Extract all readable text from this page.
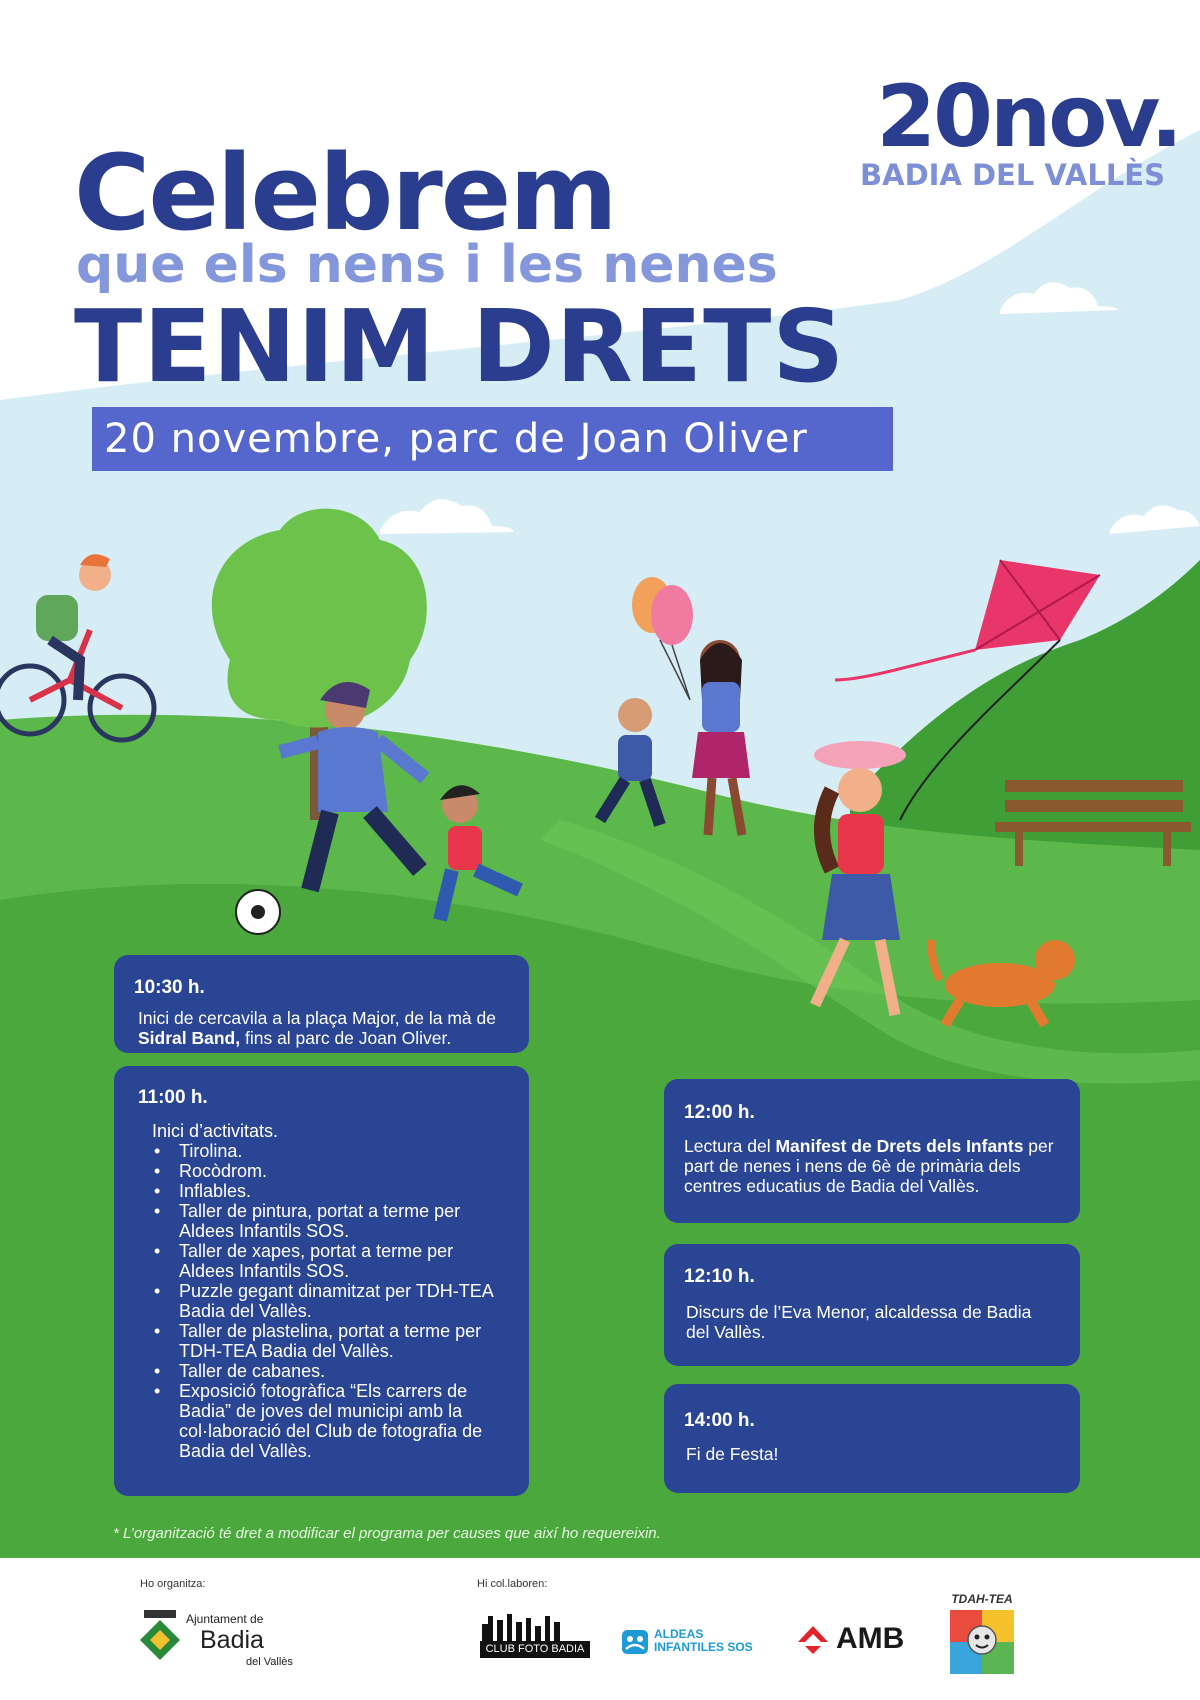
20nov.
BADIA DEL VALLÈS
Celebrem
que els nens i les nenes
TENIM DRETS
20 novembre, parc de Joan Oliver
10:30 h.
Inici de cercavila a la plaça Major, de la mà de Sidral Band, fins al parc de Joan Oliver.
11:00 h.
Inici d’activitats.
• Tirolina.
• Rocòdrom.
• Inflables.
• Taller de pintura, portat a terme per Aldees Infantils SOS.
• Taller de xapes, portat a terme per Aldees Infantils SOS.
• Puzzle gegant dinamitzat per TDH-TEA Badia del Vallès.
• Taller de plastelina, portat a terme per TDH-TEA Badia del Vallès.
• Taller de cabanes.
• Exposició fotogràfica “Els carrers de Badia” de joves del municipi amb la col·laboració del Club de fotografia de Badia del Vallès.
12:00 h.
Lectura del Manifest de Drets dels Infants per part de nenes i nens de 6è de primària dels centres educatius de Badia del Vallès.
12:10 h.
Discurs de l’Eva Menor, alcaldessa de Badia del Vallès.
14:00 h.
Fi de Festa!
* L’organització té dret a modificar el programa per causes que així ho requereixin.
Ho organitza:
Ajuntament de
Badia
del Vallès
Hi col.laboren:
CLUB FOTO BADIA
ALDEAS
INFANTILES SOS	AMB
TDAH-TEA
